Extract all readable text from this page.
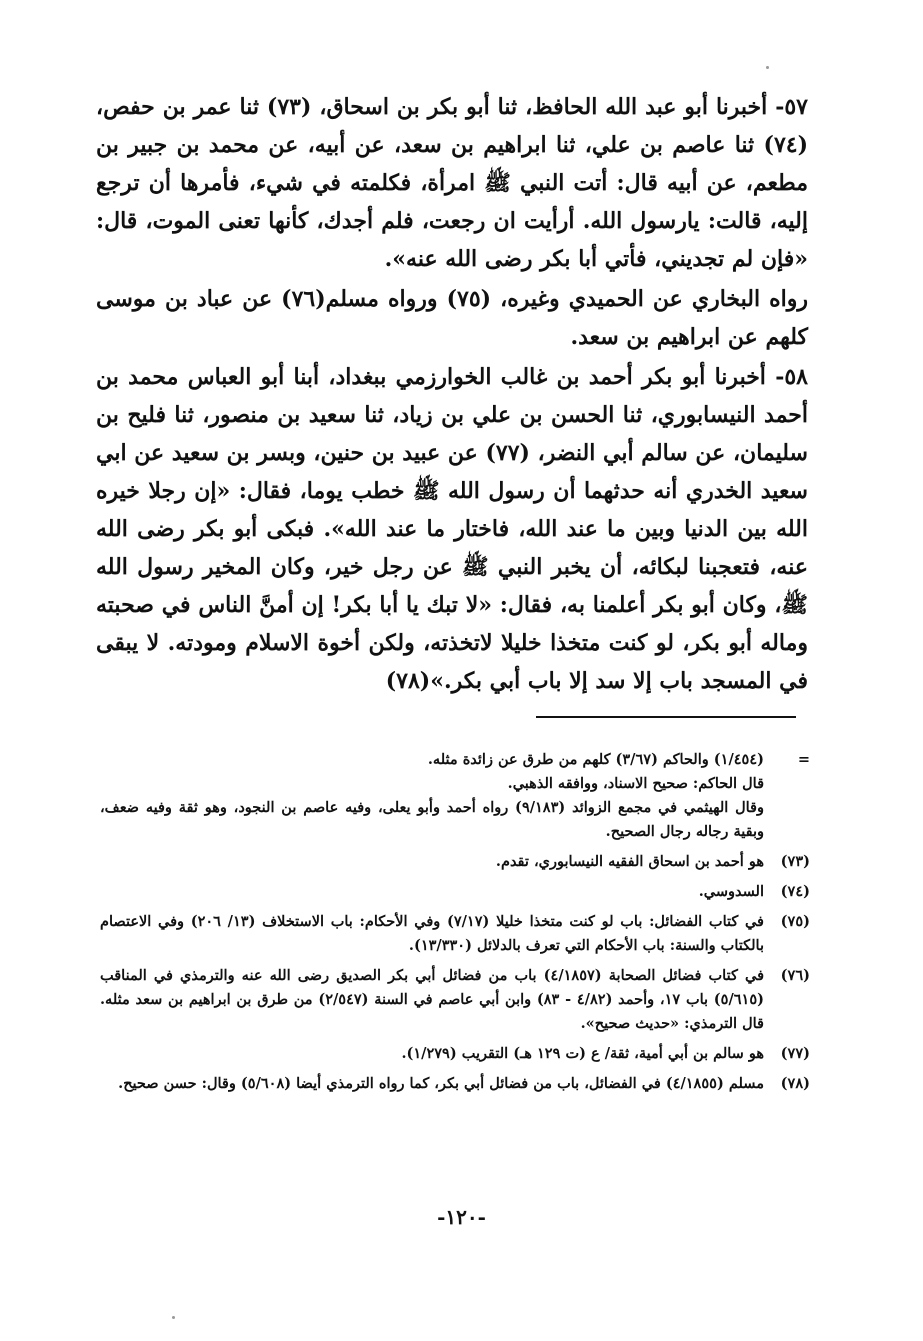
٥٧- أخبرنا أبو عبد الله الحافظ، ثنا أبو بكر بن اسحاق، (٧٣) ثنا عمر بن حفص، (٧٤) ثنا عاصم بن علي، ثنا ابراهيم بن سعد، عن أبيه، عن محمد بن جبير بن مطعم، عن أبيه قال: أتت النبي ﷺ امرأة، فكلمته في شيء، فأمرها أن ترجع إليه، قالت: يارسول الله. أرأيت ان رجعت، فلم أجدك، كأنها تعنى الموت، قال: «فإن لم تجديني، فأتي أبا بكر رضى الله عنه».

رواه البخاري عن الحميدي وغيره، (٧٥) ورواه مسلم(٧٦) عن عباد بن موسى كلهم عن ابراهيم بن سعد.

٥٨- أخبرنا أبو بكر أحمد بن غالب الخوارزمي ببغداد، أبنا أبو العباس محمد بن أحمد النيسابوري، ثنا الحسن بن علي بن زياد، ثنا سعيد بن منصور، ثنا فليح بن سليمان، عن سالم أبي النضر، (٧٧) عن عبيد بن حنين، وبسر بن سعيد عن ابي سعيد الخدري أنه حدثهما أن رسول الله ﷺ خطب يوما، فقال: «إن رجلا خيره الله بين الدنيا وبين ما عند الله، فاختار ما عند الله». فبكى أبو بكر رضى الله عنه، فتعجبنا لبكائه، أن يخبر النبي ﷺ عن رجل خير، وكان المخير رسول الله ﷺ، وكان أبو بكر أعلمنا به، فقال: «لا تبك يا أبا بكر! إن أمنَّ الناس في صحبته وماله أبو بكر، لو كنت متخذا خليلا لاتخذته، ولكن أخوة الاسلام ومودته. لا يبقى في المسجد باب إلا سد إلا باب أبي بكر.»(٧٨)

=
(١/٤٥٤) والحاكم (٣/٦٧) كلهم من طرق عن زائدة مثله.
قال الحاكم: صحيح الاسناد، ووافقه الذهبي.
وقال الهيثمي في مجمع الزوائد (٩/١٨٣) رواه أحمد وأبو يعلى، وفيه عاصم بن النجود، وهو ثقة وفيه ضعف، وبقية رجاله رجال الصحيح.
(٧٣)
هو أحمد بن اسحاق الفقيه النيسابوري، تقدم.
(٧٤)
السدوسي.
(٧٥)
في كتاب الفضائل: باب لو كنت متخذا خليلا (٧/١٧) وفي الأحكام: باب الاستخلاف (١٣/ ٢٠٦) وفي الاعتصام بالكتاب والسنة: باب الأحكام التي تعرف بالدلائل (١٣/٣٣٠).
(٧٦)
في كتاب فضائل الصحابة (٤/١٨٥٧) باب من فضائل أبي بكر الصديق رضى الله عنه والترمذي في المناقب (٥/٦١٥) باب ١٧، وأحمد (٤/٨٢ - ٨٣) وابن أبي عاصم في السنة (٢/٥٤٧) من طرق بن ابراهيم بن سعد مثله. قال الترمذي: «حديث صحيح».
(٧٧)
هو سالم بن أبي أمية، ثقة/ ع (ت ١٢٩ هـ) التقريب (١/٢٧٩).
(٧٨)
مسلم (٤/١٨٥٥) في الفضائل، باب من فضائل أبي بكر، كما رواه الترمذي أيضا (٥/٦٠٨) وقال: حسن صحيح.
-١٢٠-
